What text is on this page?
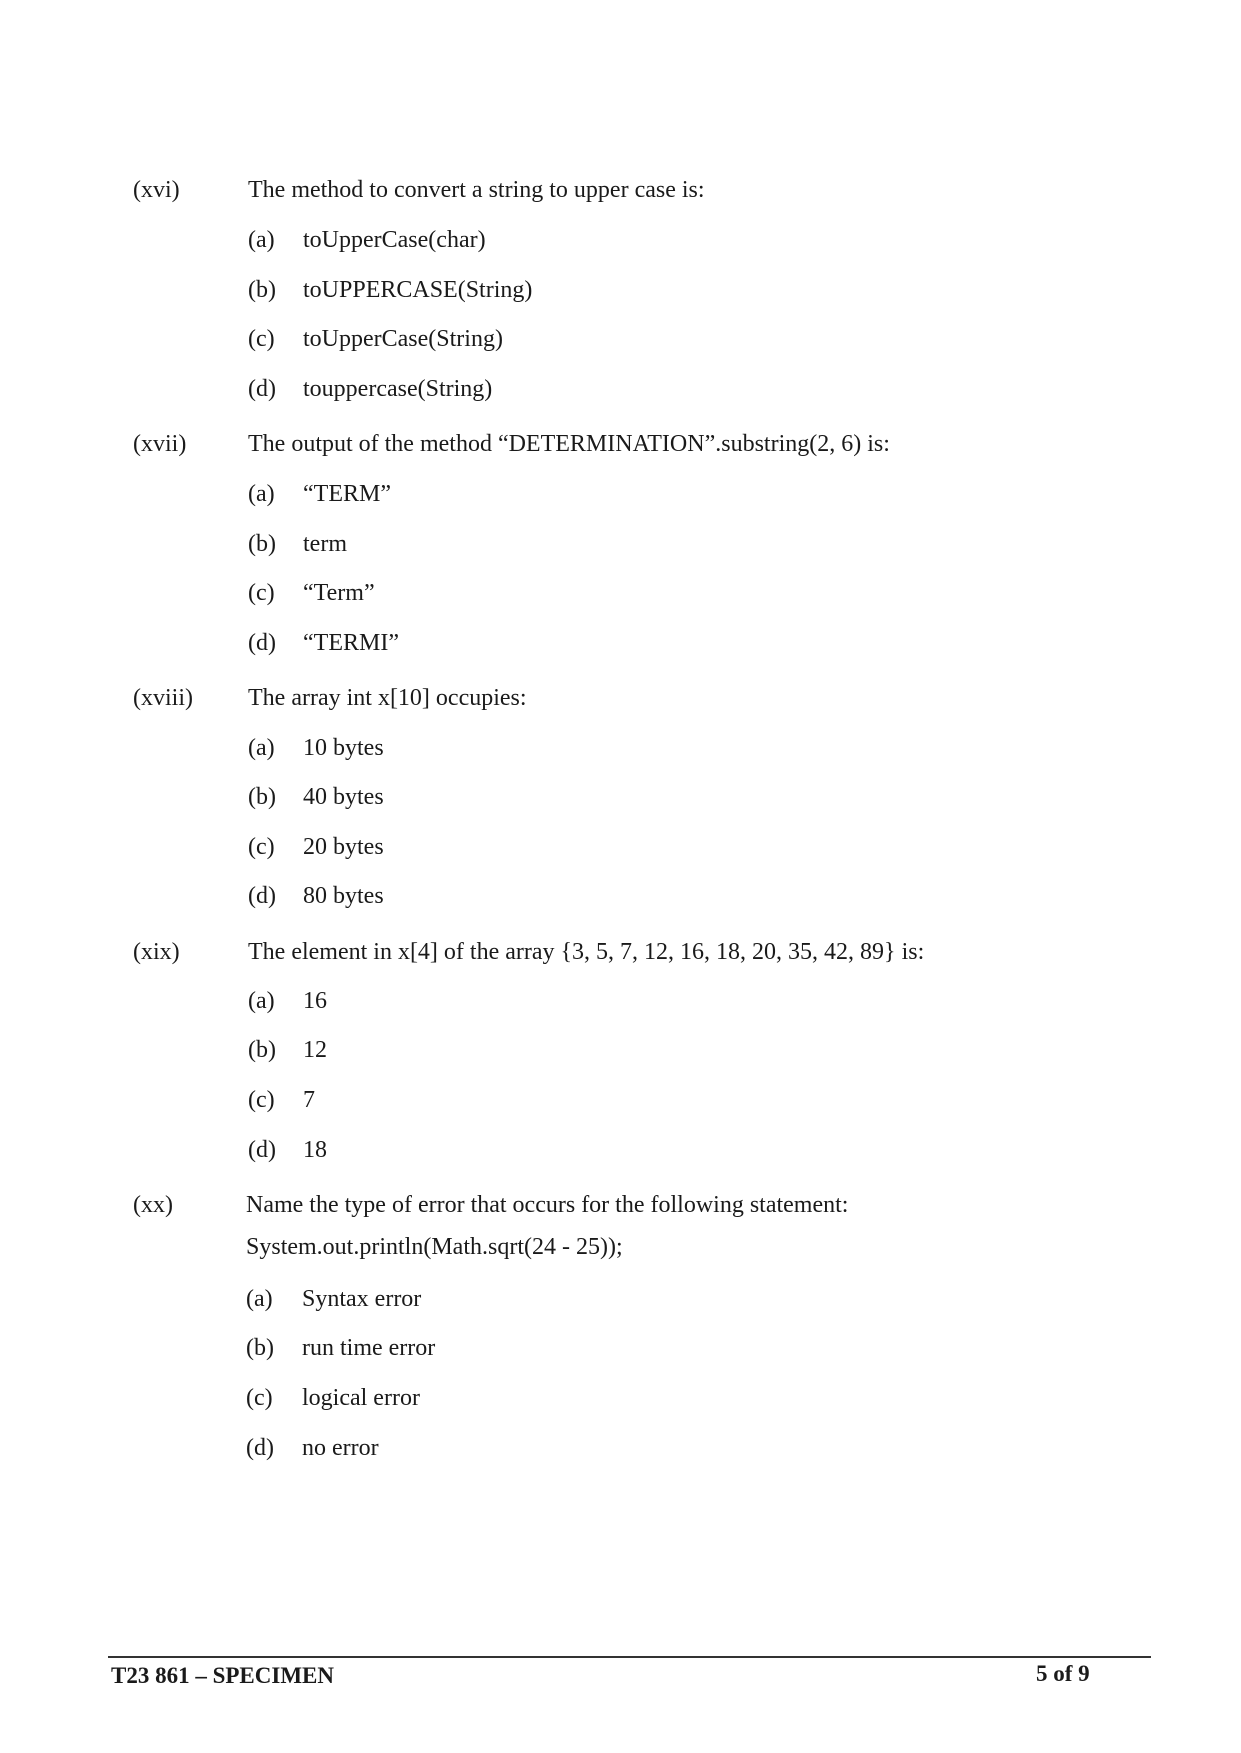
(xvi)	The method to convert a string to upper case is:
(a) toUpperCase(char)
(b) toUPPERCASE(String)
(c) toUpperCase(String)
(d) touppercase(String)
(xvii)	The output of the method “DETERMINATION”.substring(2, 6) is:
(a) “TERM”
(b) term
(c) “Term”
(d) “TERMI”
(xviii) The array int x[10] occupies:
(a) 10 bytes
(b) 40 bytes
(c) 20 bytes
(d) 80 bytes
(xix)	The element in x[4] of the array {3, 5, 7, 12, 16, 18, 20, 35, 42, 89} is:
(a) 16
(b) 12
(c) 7
(d) 18
(xx)	Name the type of error that occurs for the following statement:
System.out.println(Math.sqrt(24 - 25));
(a) Syntax error
(b) run time error
(c) logical error
(d) no error
T23 861 – SPECIMEN	5 of 9
